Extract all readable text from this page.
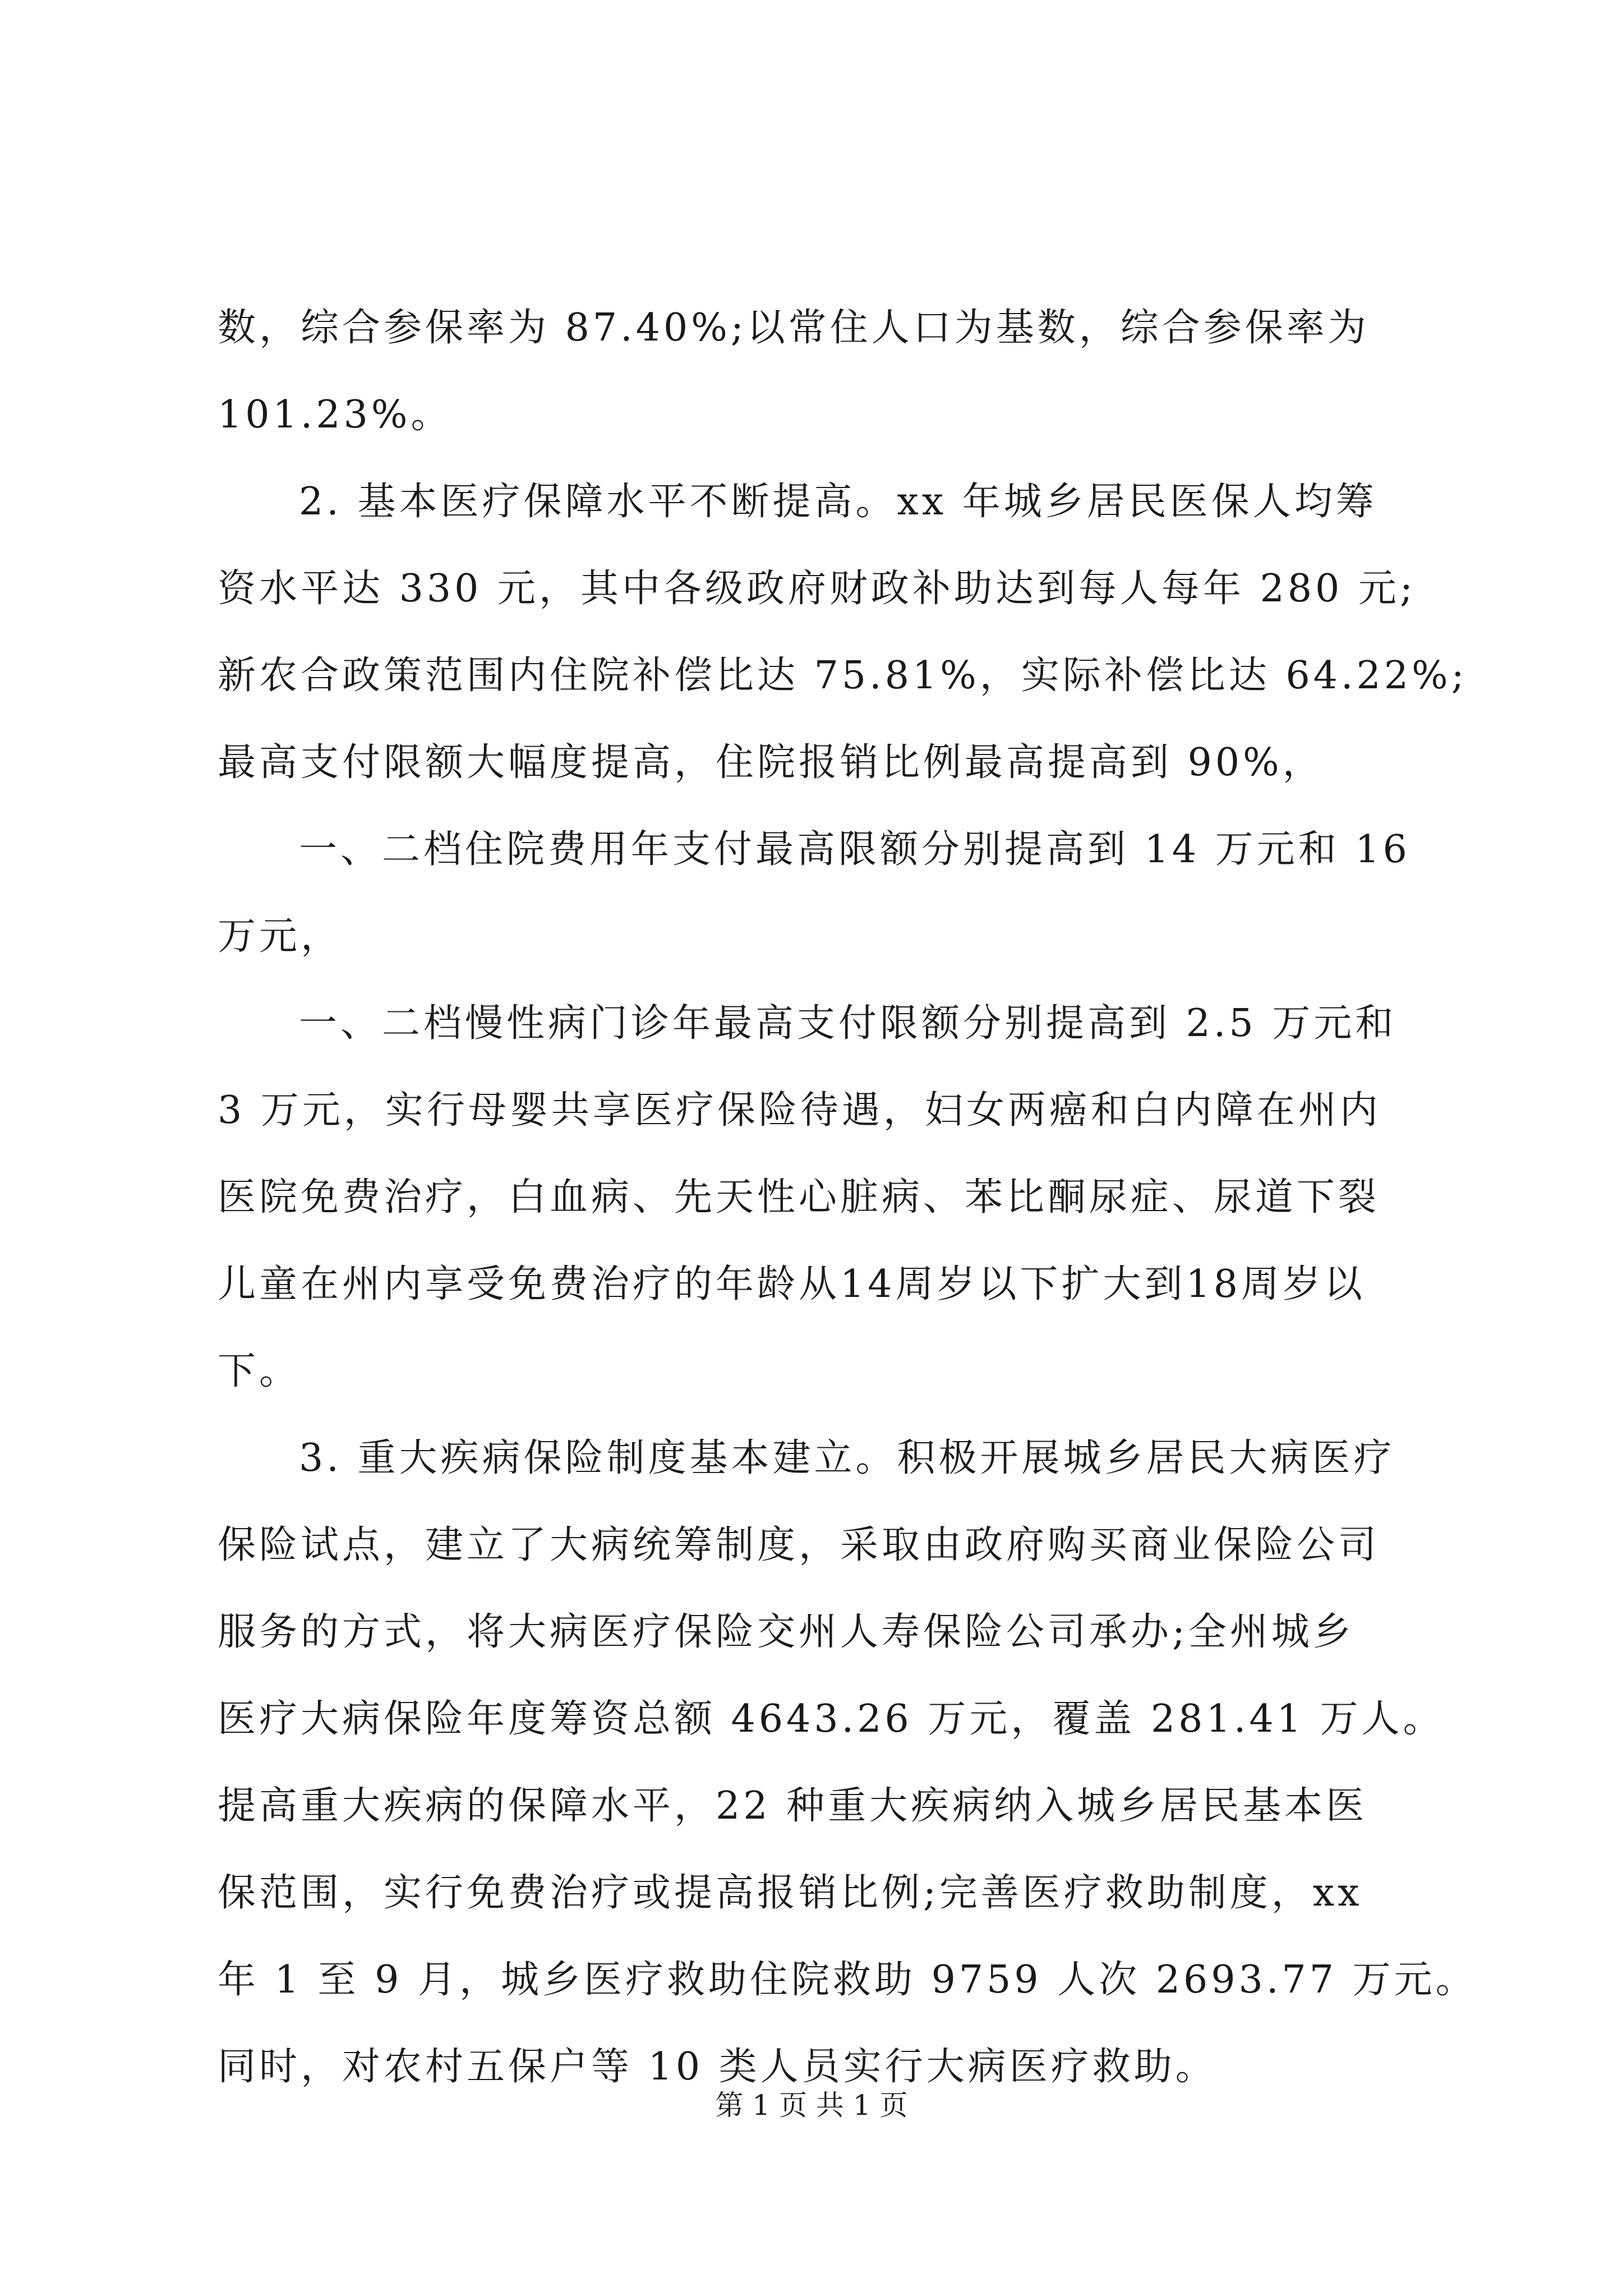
数，综合参保率为 87.40%;以常住人口为基数，综合参保率为
101.23%。
2. 基本医疗保障水平不断提高。xx 年城乡居民医保人均筹
资水平达 330 元，其中各级政府财政补助达到每人每年 280 元;
新农合政策范围内住院补偿比达 75.81%，实际补偿比达 64.22%;
最高支付限额大幅度提高，住院报销比例最高提高到 90%，
一、二档住院费用年支付最高限额分别提高到 14 万元和 16
万元，
一、二档慢性病门诊年最高支付限额分别提高到 2.5 万元和
3 万元，实行母婴共享医疗保险待遇，妇女两癌和白内障在州内
医院免费治疗，白血病、先天性心脏病、苯比酮尿症、尿道下裂
儿童在州内享受免费治疗的年龄从14周岁以下扩大到18周岁以
下。
3. 重大疾病保险制度基本建立。积极开展城乡居民大病医疗
保险试点，建立了大病统筹制度，采取由政府购买商业保险公司
服务的方式，将大病医疗保险交州人寿保险公司承办;全州城乡
医疗大病保险年度筹资总额 4643.26 万元，覆盖 281.41 万人。
提高重大疾病的保障水平，22 种重大疾病纳入城乡居民基本医
保范围，实行免费治疗或提高报销比例;完善医疗救助制度，xx
年 1 至 9 月，城乡医疗救助住院救助 9759 人次 2693.77 万元。
同时，对农村五保户等 10 类人员实行大病医疗救助。
第 1 页 共 1 页
